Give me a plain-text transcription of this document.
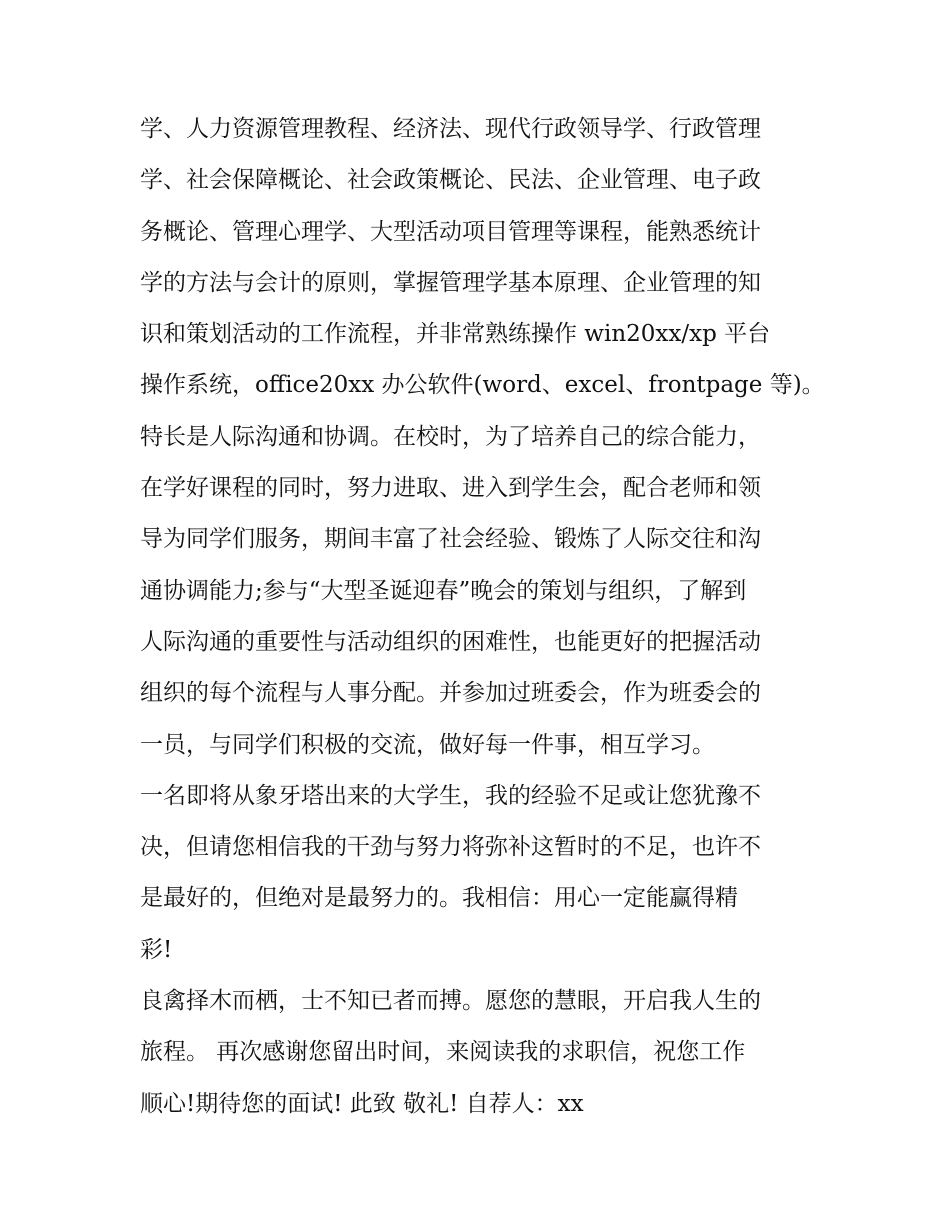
学、人力资源管理教程、经济法、现代行政领导学、行政管理
学、社会保障概论、社会政策概论、民法、企业管理、电子政
务概论、管理心理学、大型活动项目管理等课程，能熟悉统计
学的方法与会计的原则，掌握管理学基本原理、企业管理的知
识和策划活动的工作流程，并非常熟练操作 win20xx/xp 平台
操作系统，office20xx 办公软件(word、excel、frontpage 等)。
特长是人际沟通和协调。在校时，为了培养自己的综合能力，
在学好课程的同时，努力进取、进入到学生会，配合老师和领
导为同学们服务，期间丰富了社会经验、锻炼了人际交往和沟
通协调能力;参与“大型圣诞迎春”晚会的策划与组织，了解到
人际沟通的重要性与活动组织的困难性，也能更好的把握活动
组织的每个流程与人事分配。并参加过班委会，作为班委会的
一员，与同学们积极的交流，做好每一件事，相互学习。
一名即将从象牙塔出来的大学生，我的经验不足或让您犹豫不
决，但请您相信我的干劲与努力将弥补这暂时的不足，也许不
是最好的，但绝对是最努力的。我相信：用心一定能赢得精
彩!
良禽择木而栖，士不知已者而搏。愿您的慧眼，开启我人生的
旅程。 再次感谢您留出时间，来阅读我的求职信，祝您工作
顺心!期待您的面试! 此致 敬礼! 自荐人：xx
